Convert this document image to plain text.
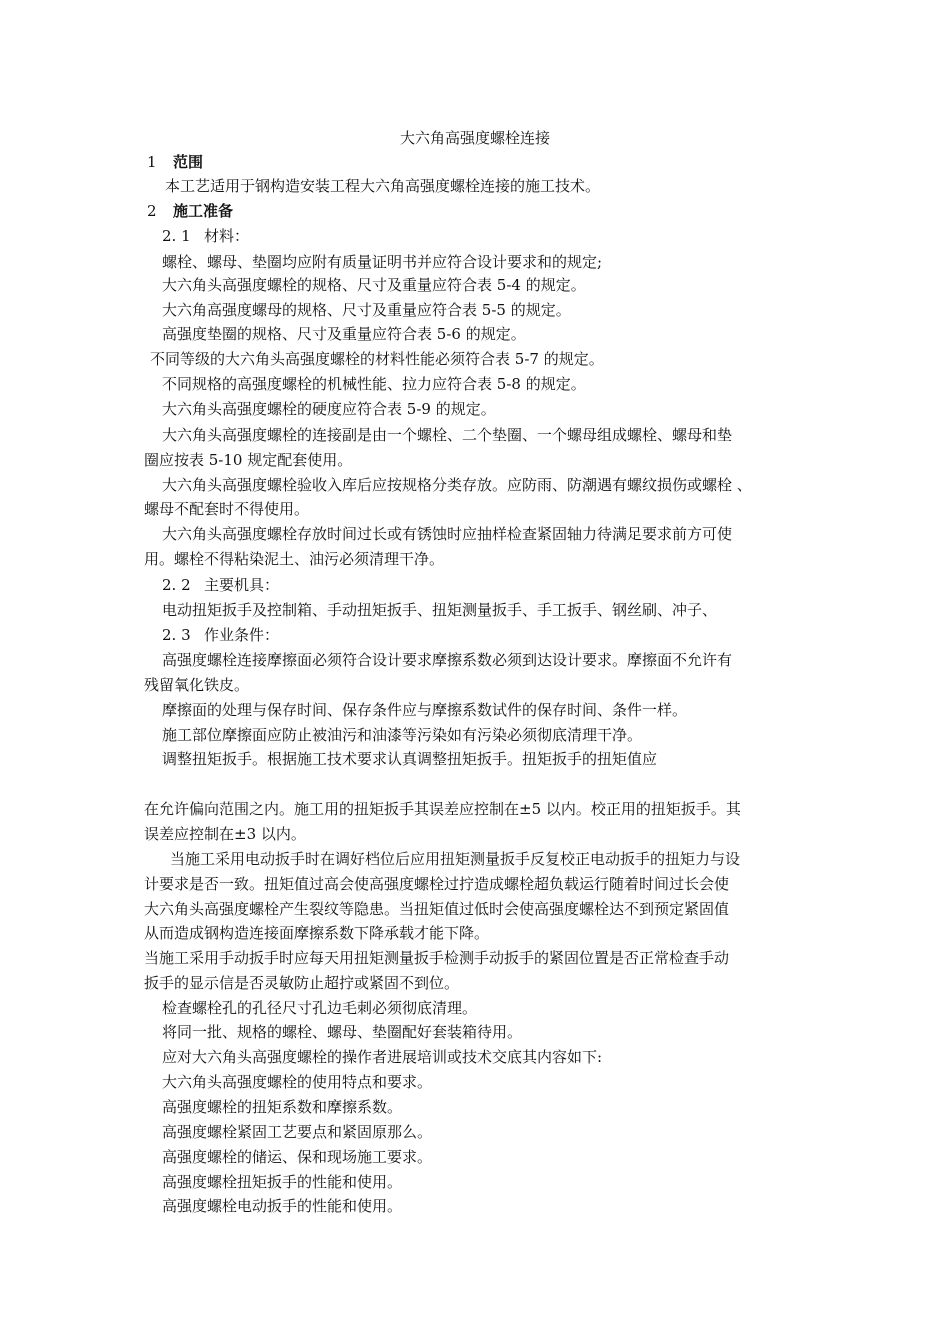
大六角高强度螺栓连接
1 范围
本工艺适用于钢构造安装工程大六角高强度螺栓连接的施工技术。
2 施工准备
2. 1 材料：
螺栓、螺母、垫圈均应附有质量证明书并应符合设计要求和的规定;
大六角头高强度螺栓的规格、尺寸及重量应符合表 5-4 的规定。
大六角高强度螺母的规格、尺寸及重量应符合表 5-5 的规定。
高强度垫圈的规格、尺寸及重量应符合表 5-6 的规定。
不同等级的大六角头高强度螺栓的材料性能必须符合表 5-7 的规定。
不同规格的高强度螺栓的机械性能、拉力应符合表 5-8 的规定。
大六角头高强度螺栓的硬度应符合表 5-9 的规定。
大六角头高强度螺栓的连接副是由一个螺栓、二个垫圈、一个螺母组成螺栓、螺母和垫
圈应按表 5-10 规定配套使用。
大六角头高强度螺栓验收入库后应按规格分类存放。应防雨、防潮遇有螺纹损伤或螺栓 、
螺母不配套时不得使用。
大六角头高强度螺栓存放时间过长或有锈蚀时应抽样检查紧固轴力待满足要求前方可使
用。螺栓不得粘染泥土、油污必须清理干净。
2. 2 主要机具：
电动扭矩扳手及控制箱、手动扭矩扳手、扭矩测量扳手、手工扳手、钢丝刷、冲子、
2. 3 作业条件：
高强度螺栓连接摩擦面必须符合设计要求摩擦系数必须到达设计要求。摩擦面不允许有
残留氧化铁皮。
摩擦面的处理与保存时间、保存条件应与摩擦系数试件的保存时间、条件一样。
施工部位摩擦面应防止被油污和油漆等污染如有污染必须彻底清理干净。
调整扭矩扳手。根据施工技术要求认真调整扭矩扳手。扭矩扳手的扭矩值应
在允许偏向范围之内。施工用的扭矩扳手其误差应控制在±5 以内。校正用的扭矩扳手。其
误差应控制在±3 以内。
当施工采用电动扳手时在调好档位后应用扭矩测量扳手反复校正电动扳手的扭矩力与设
计要求是否一致。扭矩值过高会使高强度螺栓过拧造成螺栓超负载运行随着时间过长会使
大六角头高强度螺栓产生裂纹等隐患。当扭矩值过低时会使高强度螺栓达不到预定紧固值
从而造成钢构造连接面摩擦系数下降承载才能下降。
当施工采用手动扳手时应每天用扭矩测量扳手检测手动扳手的紧固位置是否正常检查手动
扳手的显示信是否灵敏防止超拧或紧固不到位。
检查螺栓孔的孔径尺寸孔边毛刺必须彻底清理。
将同一批、规格的螺栓、螺母、垫圈配好套装箱待用。
应对大六角头高强度螺栓的操作者进展培训或技术交底其内容如下:
大六角头高强度螺栓的使用特点和要求。
高强度螺栓的扭矩系数和摩擦系数。
高强度螺栓紧固工艺要点和紧固原那么。
高强度螺栓的储运、保和现场施工要求。
高强度螺栓扭矩扳手的性能和使用。
高强度螺栓电动扳手的性能和使用。
